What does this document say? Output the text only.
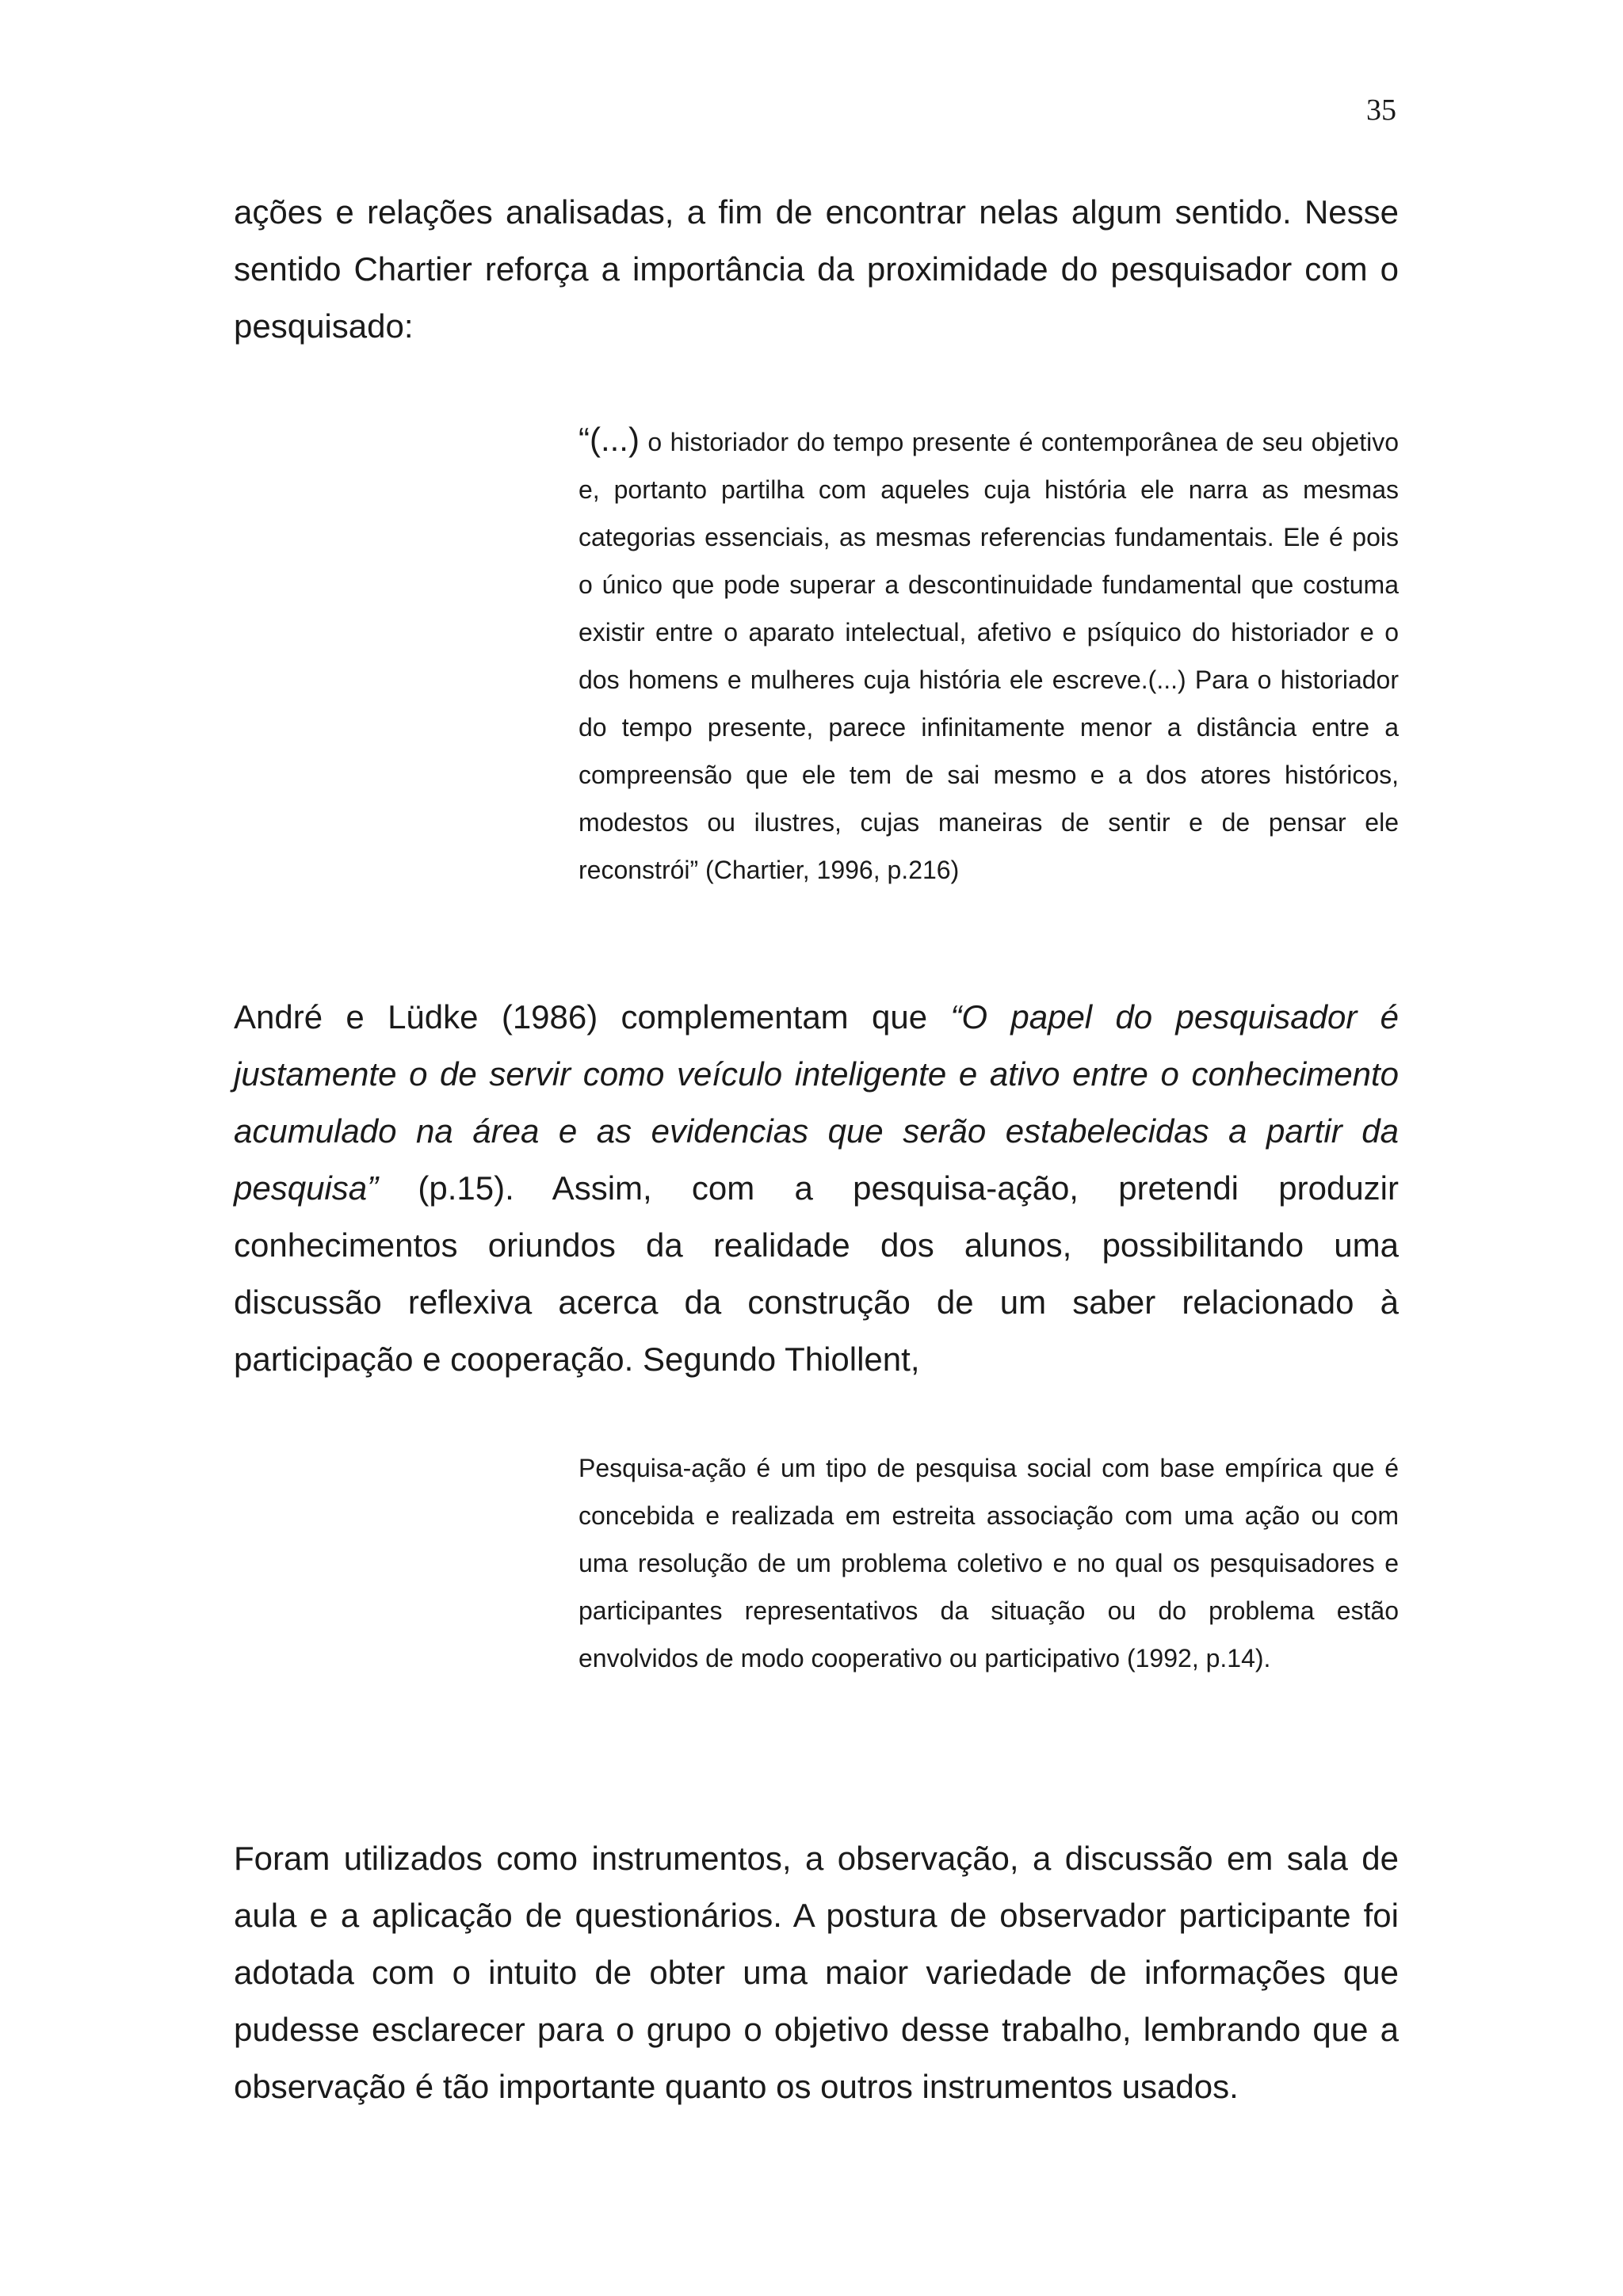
35

ações e relações analisadas, a fim de encontrar nelas algum sentido. Nesse sentido Chartier reforça a importância da proximidade do pesquisador com o pesquisado:

“(...) o historiador do tempo presente é contemporânea de seu objetivo e, portanto partilha com aqueles cuja história ele narra as mesmas categorias essenciais, as mesmas referencias fundamentais. Ele é pois o único que pode superar a descontinuidade fundamental que costuma existir entre o aparato intelectual, afetivo e psíquico do historiador e o dos homens e mulheres cuja história ele escreve.(...) Para o historiador do tempo presente, parece infinitamente menor a distância entre a compreensão que ele tem de sai mesmo e a dos atores históricos, modestos ou ilustres, cujas maneiras de sentir e de pensar ele reconstrói” (Chartier, 1996, p.216)

André e Lüdke (1986) complementam que “O papel do pesquisador é justamente o de servir como veículo inteligente e ativo entre o conhecimento acumulado na área e as evidencias que serão estabelecidas a partir da pesquisa” (p.15). Assim, com a pesquisa-ação, pretendi produzir conhecimentos oriundos da realidade dos alunos, possibilitando uma discussão reflexiva acerca da construção de um saber relacionado à participação e cooperação. Segundo Thiollent,

Pesquisa-ação é um tipo de pesquisa social com base empírica que é concebida e realizada em estreita associação com uma ação ou com uma resolução de um problema coletivo e no qual os pesquisadores e participantes representativos da situação ou do problema estão envolvidos de modo cooperativo ou participativo (1992, p.14).

Foram utilizados como instrumentos, a observação, a discussão em sala de aula e a aplicação de questionários. A postura de observador participante foi adotada com o intuito de obter uma maior variedade de informações que pudesse esclarecer para o grupo o objetivo desse trabalho, lembrando que a observação é tão importante quanto os outros instrumentos usados.
